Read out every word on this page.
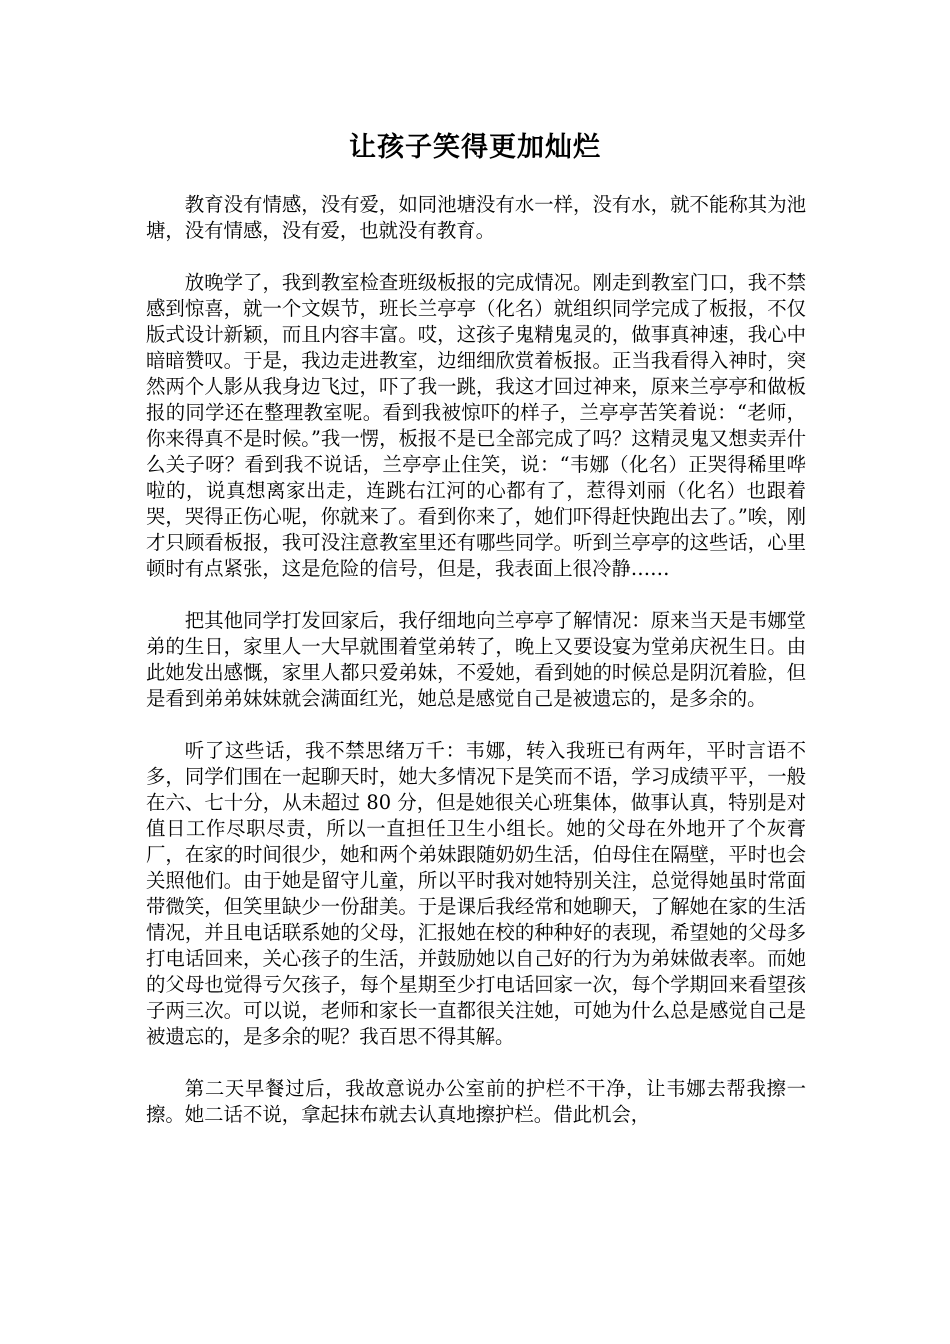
让孩子笑得更加灿烂

教育没有情感，没有爱，如同池塘没有水一样，没有水，就不能称其为池塘，没有情感，没有爱，也就没有教育。

放晚学了，我到教室检查班级板报的完成情况。刚走到教室门口，我不禁感到惊喜，就一个文娱节，班长兰亭亭（化名）就组织同学完成了板报，不仅版式设计新颖，而且内容丰富。哎，这孩子鬼精鬼灵的，做事真神速，我心中暗暗赞叹。于是，我边走进教室，边细细欣赏着板报。正当我看得入神时，突然两个人影从我身边飞过，吓了我一跳，我这才回过神来，原来兰亭亭和做板报的同学还在整理教室呢。看到我被惊吓的样子，兰亭亭苦笑着说：“老师，你来得真不是时候。”我一愣，板报不是已全部完成了吗？这精灵鬼又想卖弄什么关子呀？看到我不说话，兰亭亭止住笑，说：“韦娜（化名）正哭得稀里哗啦的，说真想离家出走，连跳右江河的心都有了，惹得刘丽（化名）也跟着哭，哭得正伤心呢，你就来了。看到你来了，她们吓得赶快跑出去了。”唉，刚才只顾看板报，我可没注意教室里还有哪些同学。听到兰亭亭的这些话，心里顿时有点紧张，这是危险的信号，但是，我表面上很冷静……

把其他同学打发回家后，我仔细地向兰亭亭了解情况：原来当天是韦娜堂弟的生日，家里人一大早就围着堂弟转了，晚上又要设宴为堂弟庆祝生日。由此她发出感慨，家里人都只爱弟妹，不爱她，看到她的时候总是阴沉着脸，但是看到弟弟妹妹就会满面红光，她总是感觉自己是被遗忘的，是多余的。

听了这些话，我不禁思绪万千：韦娜，转入我班已有两年，平时言语不多，同学们围在一起聊天时，她大多情况下是笑而不语，学习成绩平平，一般在六、七十分，从未超过 80 分，但是她很关心班集体，做事认真，特别是对值日工作尽职尽责，所以一直担任卫生小组长。她的父母在外地开了个灰膏厂，在家的时间很少，她和两个弟妹跟随奶奶生活，伯母住在隔壁，平时也会关照他们。由于她是留守儿童，所以平时我对她特别关注，总觉得她虽时常面带微笑，但笑里缺少一份甜美。于是课后我经常和她聊天，了解她在家的生活情况，并且电话联系她的父母，汇报她在校的种种好的表现，希望她的父母多打电话回来，关心孩子的生活，并鼓励她以自己好的行为为弟妹做表率。而她的父母也觉得亏欠孩子，每个星期至少打电话回家一次，每个学期回来看望孩子两三次。可以说，老师和家长一直都很关注她，可她为什么总是感觉自己是被遗忘的，是多余的呢？我百思不得其解。

第二天早餐过后，我故意说办公室前的护栏不干净，让韦娜去帮我擦一擦。她二话不说，拿起抹布就去认真地擦护栏。借此机会，
